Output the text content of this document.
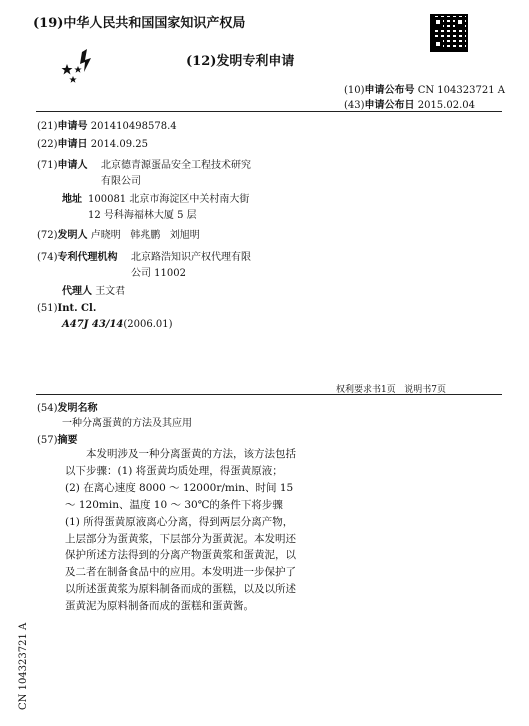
(19)中华人民共和国国家知识产权局
(12)发明专利申请
(10)申请公布号 CN 104323721 A
(43)申请公布日 2015.02.04
(21)申请号 201410498578.4
(22)申请日 2014.09.25
(71)申请人 北京德青源蛋品安全工程技术研究
有限公司
地址 100081 北京市海淀区中关村南大街
12 号科海福林大厦 5 层
(72)发明人 卢晓明   韩兆鹏   刘旭明
(74)专利代理机构 北京路浩知识产权代理有限
公司 11002
代理人 王文君
(51)Int. Cl.
A47J 43/14(2006.01)
权利要求书1页   说明书7页
(54)发明名称
一种分离蛋黄的方法及其应用
(57)摘要

本发明涉及一种分离蛋黄的方法，该方法包括以下步骤：(1) 将蛋黄均质处理，得蛋黄原液；(2) 在离心速度 8000 ～ 12000r/min、时间 15 ～ 120min、温度 10 ～ 30℃的条件下将步骤 (1) 所得蛋黄原液离心分离，得到两层分离产物，上层部分为蛋黄浆，下层部分为蛋黄泥。本发明还保护所述方法得到的分离产物蛋黄浆和蛋黄泥，以及二者在制备食品中的应用。本发明进一步保护了以所述蛋黄浆为原料制备而成的蛋糕，以及以所述蛋黄泥为原料制备而成的蛋糕和蛋黄酱。

CN 104323721 A
